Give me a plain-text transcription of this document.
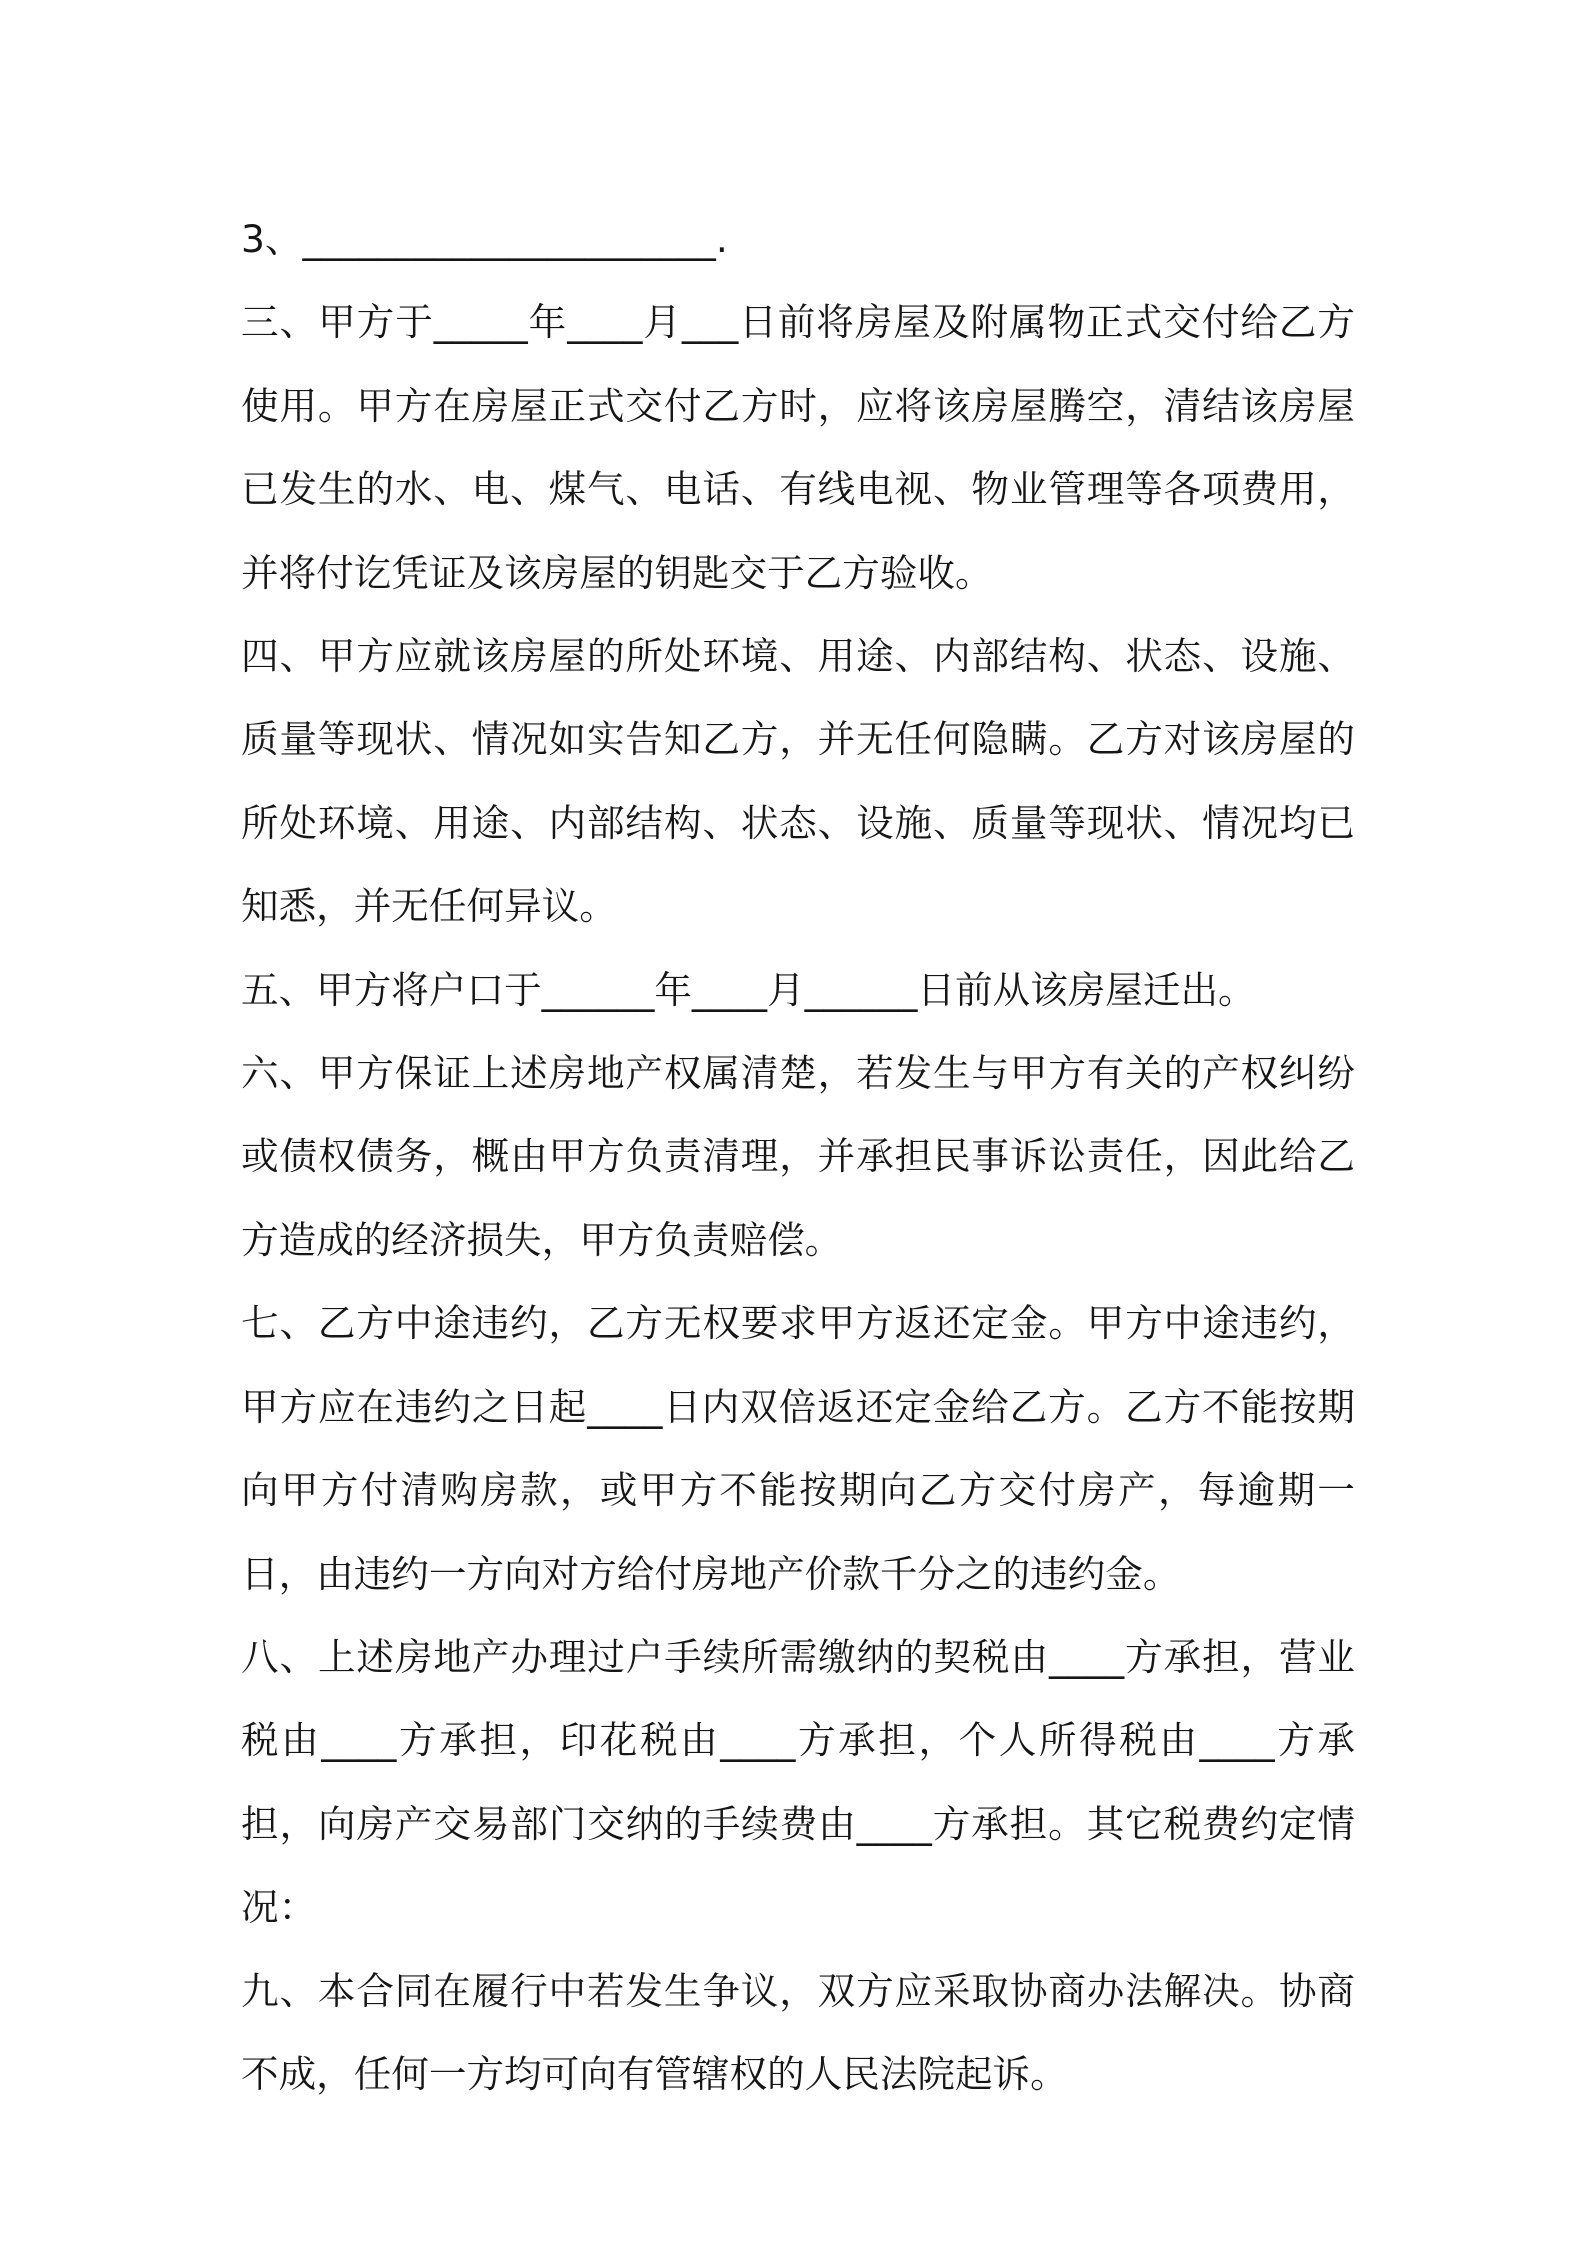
3、______________________.

三、甲方于_____年____月___日前将房屋及附属物正式交付给乙方使用。甲方在房屋正式交付乙方时，应将该房屋腾空，清结该房屋已发生的水、电、煤气、电话、有线电视、物业管理等各项费用，并将付讫凭证及该房屋的钥匙交于乙方验收。

四、甲方应就该房屋的所处环境、用途、内部结构、状态、设施、质量等现状、情况如实告知乙方，并无任何隐瞒。乙方对该房屋的所处环境、用途、内部结构、状态、设施、质量等现状、情况均已知悉，并无任何异议。

五、甲方将户口于______年____月______日前从该房屋迁出。

六、甲方保证上述房地产权属清楚，若发生与甲方有关的产权纠纷或债权债务，概由甲方负责清理，并承担民事诉讼责任，因此给乙方造成的经济损失，甲方负责赔偿。

七、乙方中途违约，乙方无权要求甲方返还定金。甲方中途违约，甲方应在违约之日起____日内双倍返还定金给乙方。乙方不能按期向甲方付清购房款，或甲方不能按期向乙方交付房产，每逾期一日，由违约一方向对方给付房地产价款千分之的违约金。

八、上述房地产办理过户手续所需缴纳的契税由____方承担，营业税由____方承担，印花税由____方承担，个人所得税由____方承担，向房产交易部门交纳的手续费由____方承担。其它税费约定情况：

九、本合同在履行中若发生争议，双方应采取协商办法解决。协商不成，任何一方均可向有管辖权的人民法院起诉。
